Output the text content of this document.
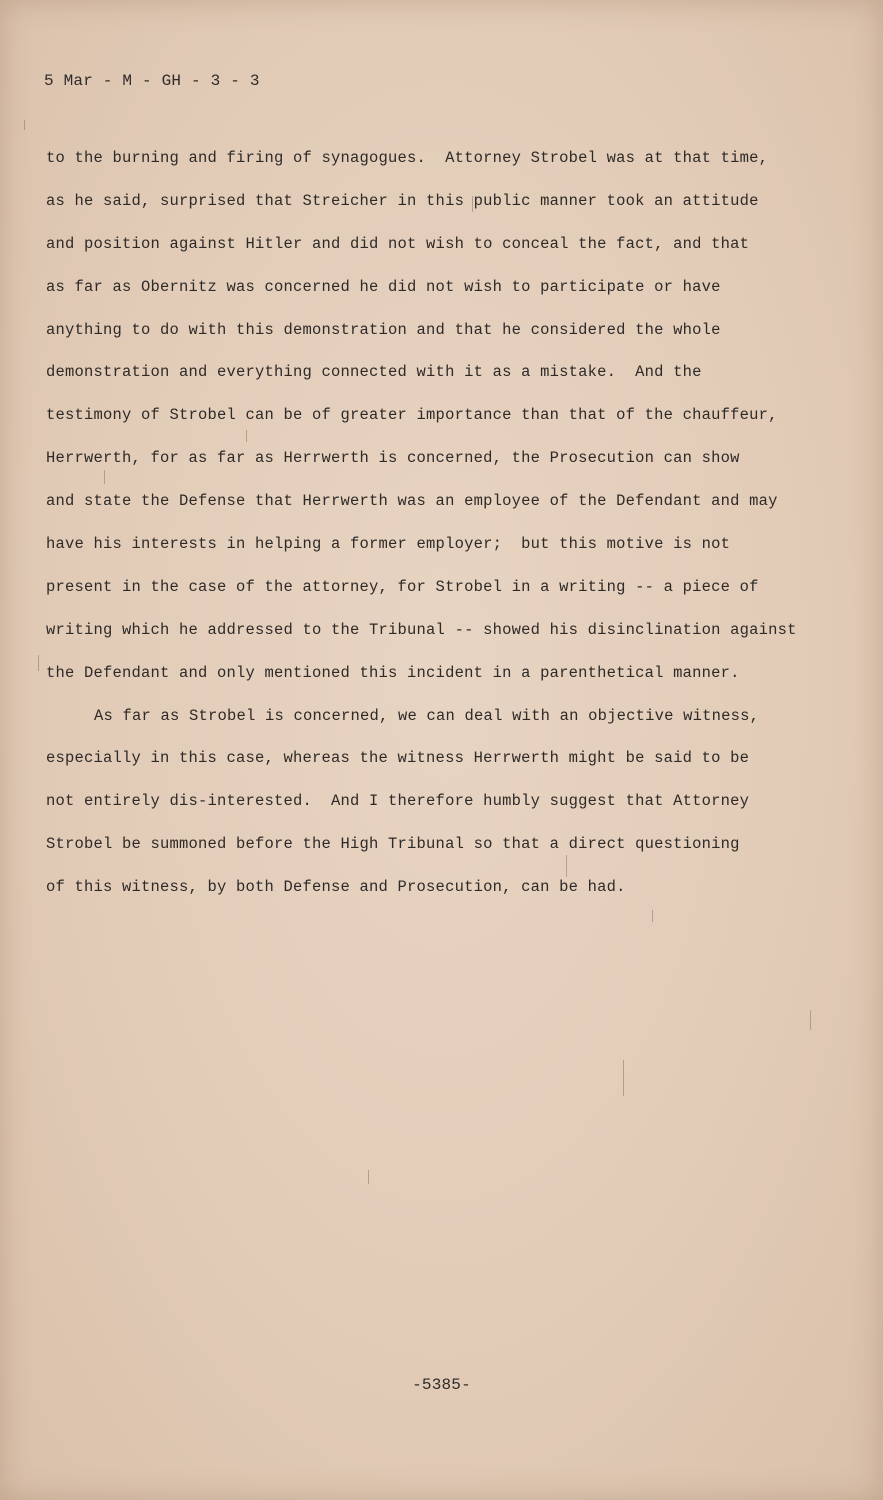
5 Mar - M - GH - 3 - 3
to the burning and firing of synagogues.  Attorney Strobel was at that time,
as he said, surprised that Streicher in this public manner took an attitude
and position against Hitler and did not wish to conceal the fact, and that
as far as Obernitz was concerned he did not wish to participate or have
anything to do with this demonstration and that he considered the whole
demonstration and everything connected with it as a mistake.  And the
testimony of Strobel can be of greater importance than that of the chauffeur,
Herrwerth, for as far as Herrwerth is concerned, the Prosecution can show
and state the Defense that Herrwerth was an employee of the Defendant and may
have his interests in helping a former employer;  but this motive is not
present in the case of the attorney, for Strobel in a writing -- a piece of
writing which he addressed to the Tribunal -- showed his disinclination against
the Defendant and only mentioned this incident in a parenthetical manner.
As far as Strobel is concerned, we can deal with an objective witness,
especially in this case, whereas the witness Herrwerth might be said to be
not entirely dis-interested.  And I therefore humbly suggest that Attorney
Strobel be summoned before the High Tribunal so that a direct questioning
of this witness, by both Defense and Prosecution, can be had.
-5385-
